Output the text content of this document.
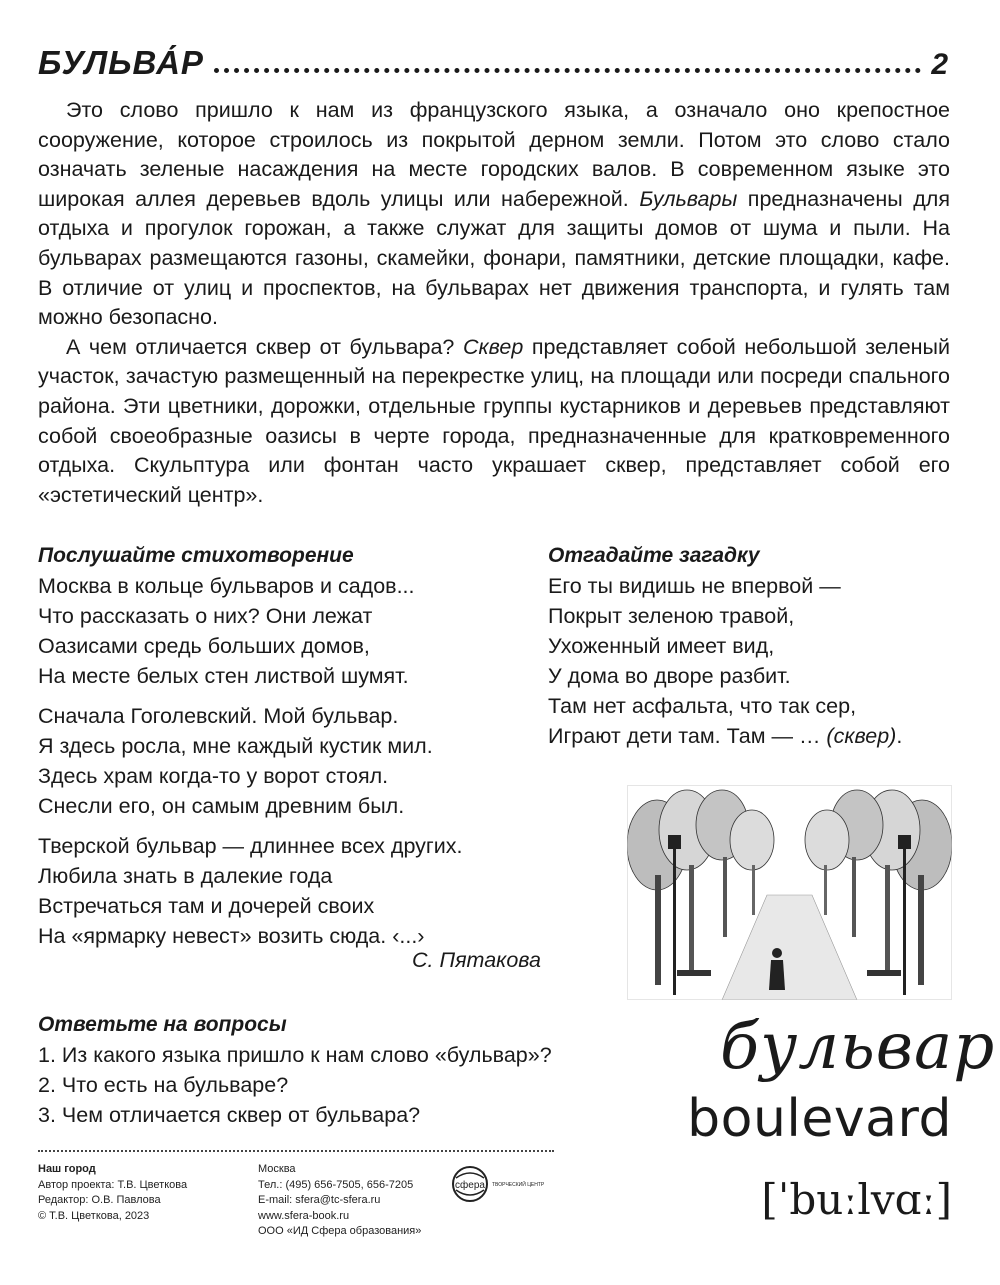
БУЛЬВА́Р	2

Это слово пришло к нам из французского языка, а означало оно крепостное сооружение, которое строилось из покрытой дерном земли. Потом это слово стало означать зеленые насаждения на месте городских валов. В современном языке это широкая аллея деревьев вдоль улицы или набережной. Бульвары предназначены для отдыха и прогулок горожан, а также служат для защиты домов от шума и пыли. На бульварах размещаются газоны, скамейки, фонари, памятники, детские площадки, кафе. В отличие от улиц и проспектов, на бульварах нет движения транспорта, и гулять там можно безопасно.

А чем отличается сквер от бульвара? Сквер представляет собой небольшой зеленый участок, зачастую размещенный на перекрестке улиц, на площади или посреди спального района. Эти цветники, дорожки, отдельные группы кустарников и деревьев представляют собой своеобразные оазисы в черте города, предназначенные для кратковременного отдыха. Скульптура или фонтан часто украшает сквер, представляет собой его «эстетический центр».

Послушайте стихотворение
Москва в кольце бульваров и садов...
Что рассказать о них? Они лежат
Оазисами средь больших домов,
На месте белых стен листвой шумят.
Сначала Гоголевский. Мой бульвар.
Я здесь росла, мне каждый кустик мил.
Здесь храм когда-то у ворот стоял.
Снесли его, он самым древним был.
Тверской бульвар — длиннее всех других.
Любила знать в далекие года
Встречаться там и дочерей своих
На «ярмарку невест» возить сюда. ‹...›
С. Пятакова
Отгадайте загадку
Его ты видишь не впервой —
Покрыт зеленою травой,
Ухоженный имеет вид,
У дома во дворе разбит.
Там нет асфальта, что так сер,
Играют дети там. Там — … (сквер).
Ответьте на вопросы
1. Из какого языка пришло к нам слово «бульвар»?
2. Что есть на бульваре?
3. Чем отличается сквер от бульвара?
бульвар
boulevard
[ˈbuːlvɑː]
Наш город
Автор проекта: Т.В. Цветкова
Редактор: О.В. Павлова
© Т.В. Цветкова, 2023
Москва
Тел.: (495) 656-7505, 656-7205
E-mail: sfera@tc-sfera.ru
www.sfera-book.ru
ООО «ИД Сфера образования»
сфера ТВОРЧЕСКИЙ ЦЕНТР
